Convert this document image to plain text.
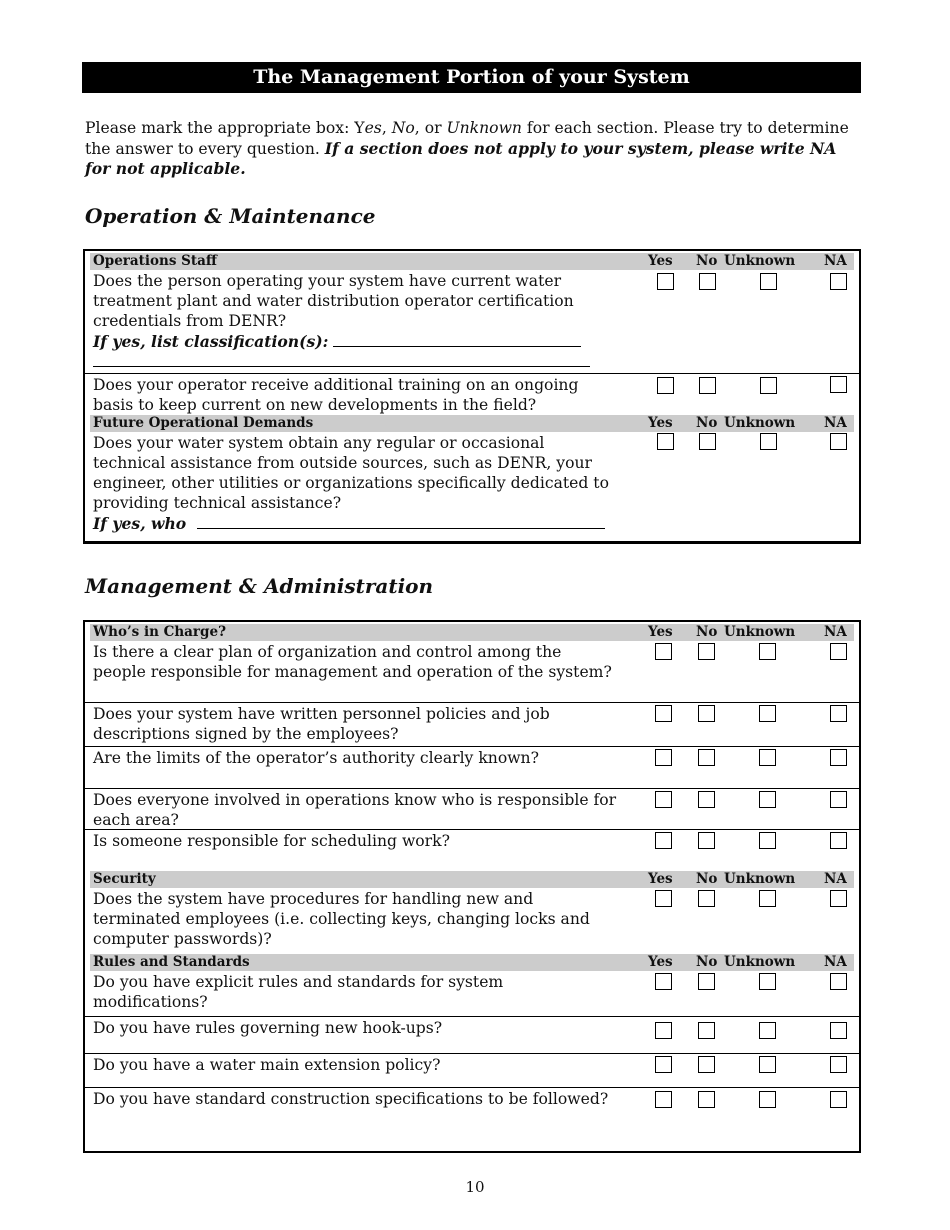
The Management Portion of your System
Please mark the appropriate box: Yes, No, or Unknown for each section. Please try to determine the answer to every question. If a section does not apply to your system, please write NA for not applicable.
Operation & Maintenance
Operations Staff	Yes No Unknown NA
Does the person operating your system have current water treatment plant and water distribution operator certification credentials from DENR?
If yes, list classification(s):

Does your operator receive additional training on an ongoing basis to keep current on new developments in the field?
Future Operational Demands	Yes No Unknown NA
Does your water system obtain any regular or occasional technical assistance from outside sources, such as DENR, your engineer, other utilities or organizations specifically dedicated to providing technical assistance?
If yes, who
Management & Administration
Who’s in Charge?	Yes No Unknown NA
Is there a clear plan of organization and control among the people responsible for management and operation of the system?
Does your system have written personnel policies and job descriptions signed by the employees?
Are the limits of the operator’s authority clearly known?
Does everyone involved in operations know who is responsible for each area?
Is someone responsible for scheduling work?
Security	Yes No Unknown NA
Does the system have procedures for handling new and terminated employees (i.e. collecting keys, changing locks and computer passwords)?
Rules and Standards	Yes No Unknown NA
Do you have explicit rules and standards for system modifications?
Do you have rules governing new hook-ups?
Do you have a water main extension policy?
Do you have standard construction specifications to be followed?
10
